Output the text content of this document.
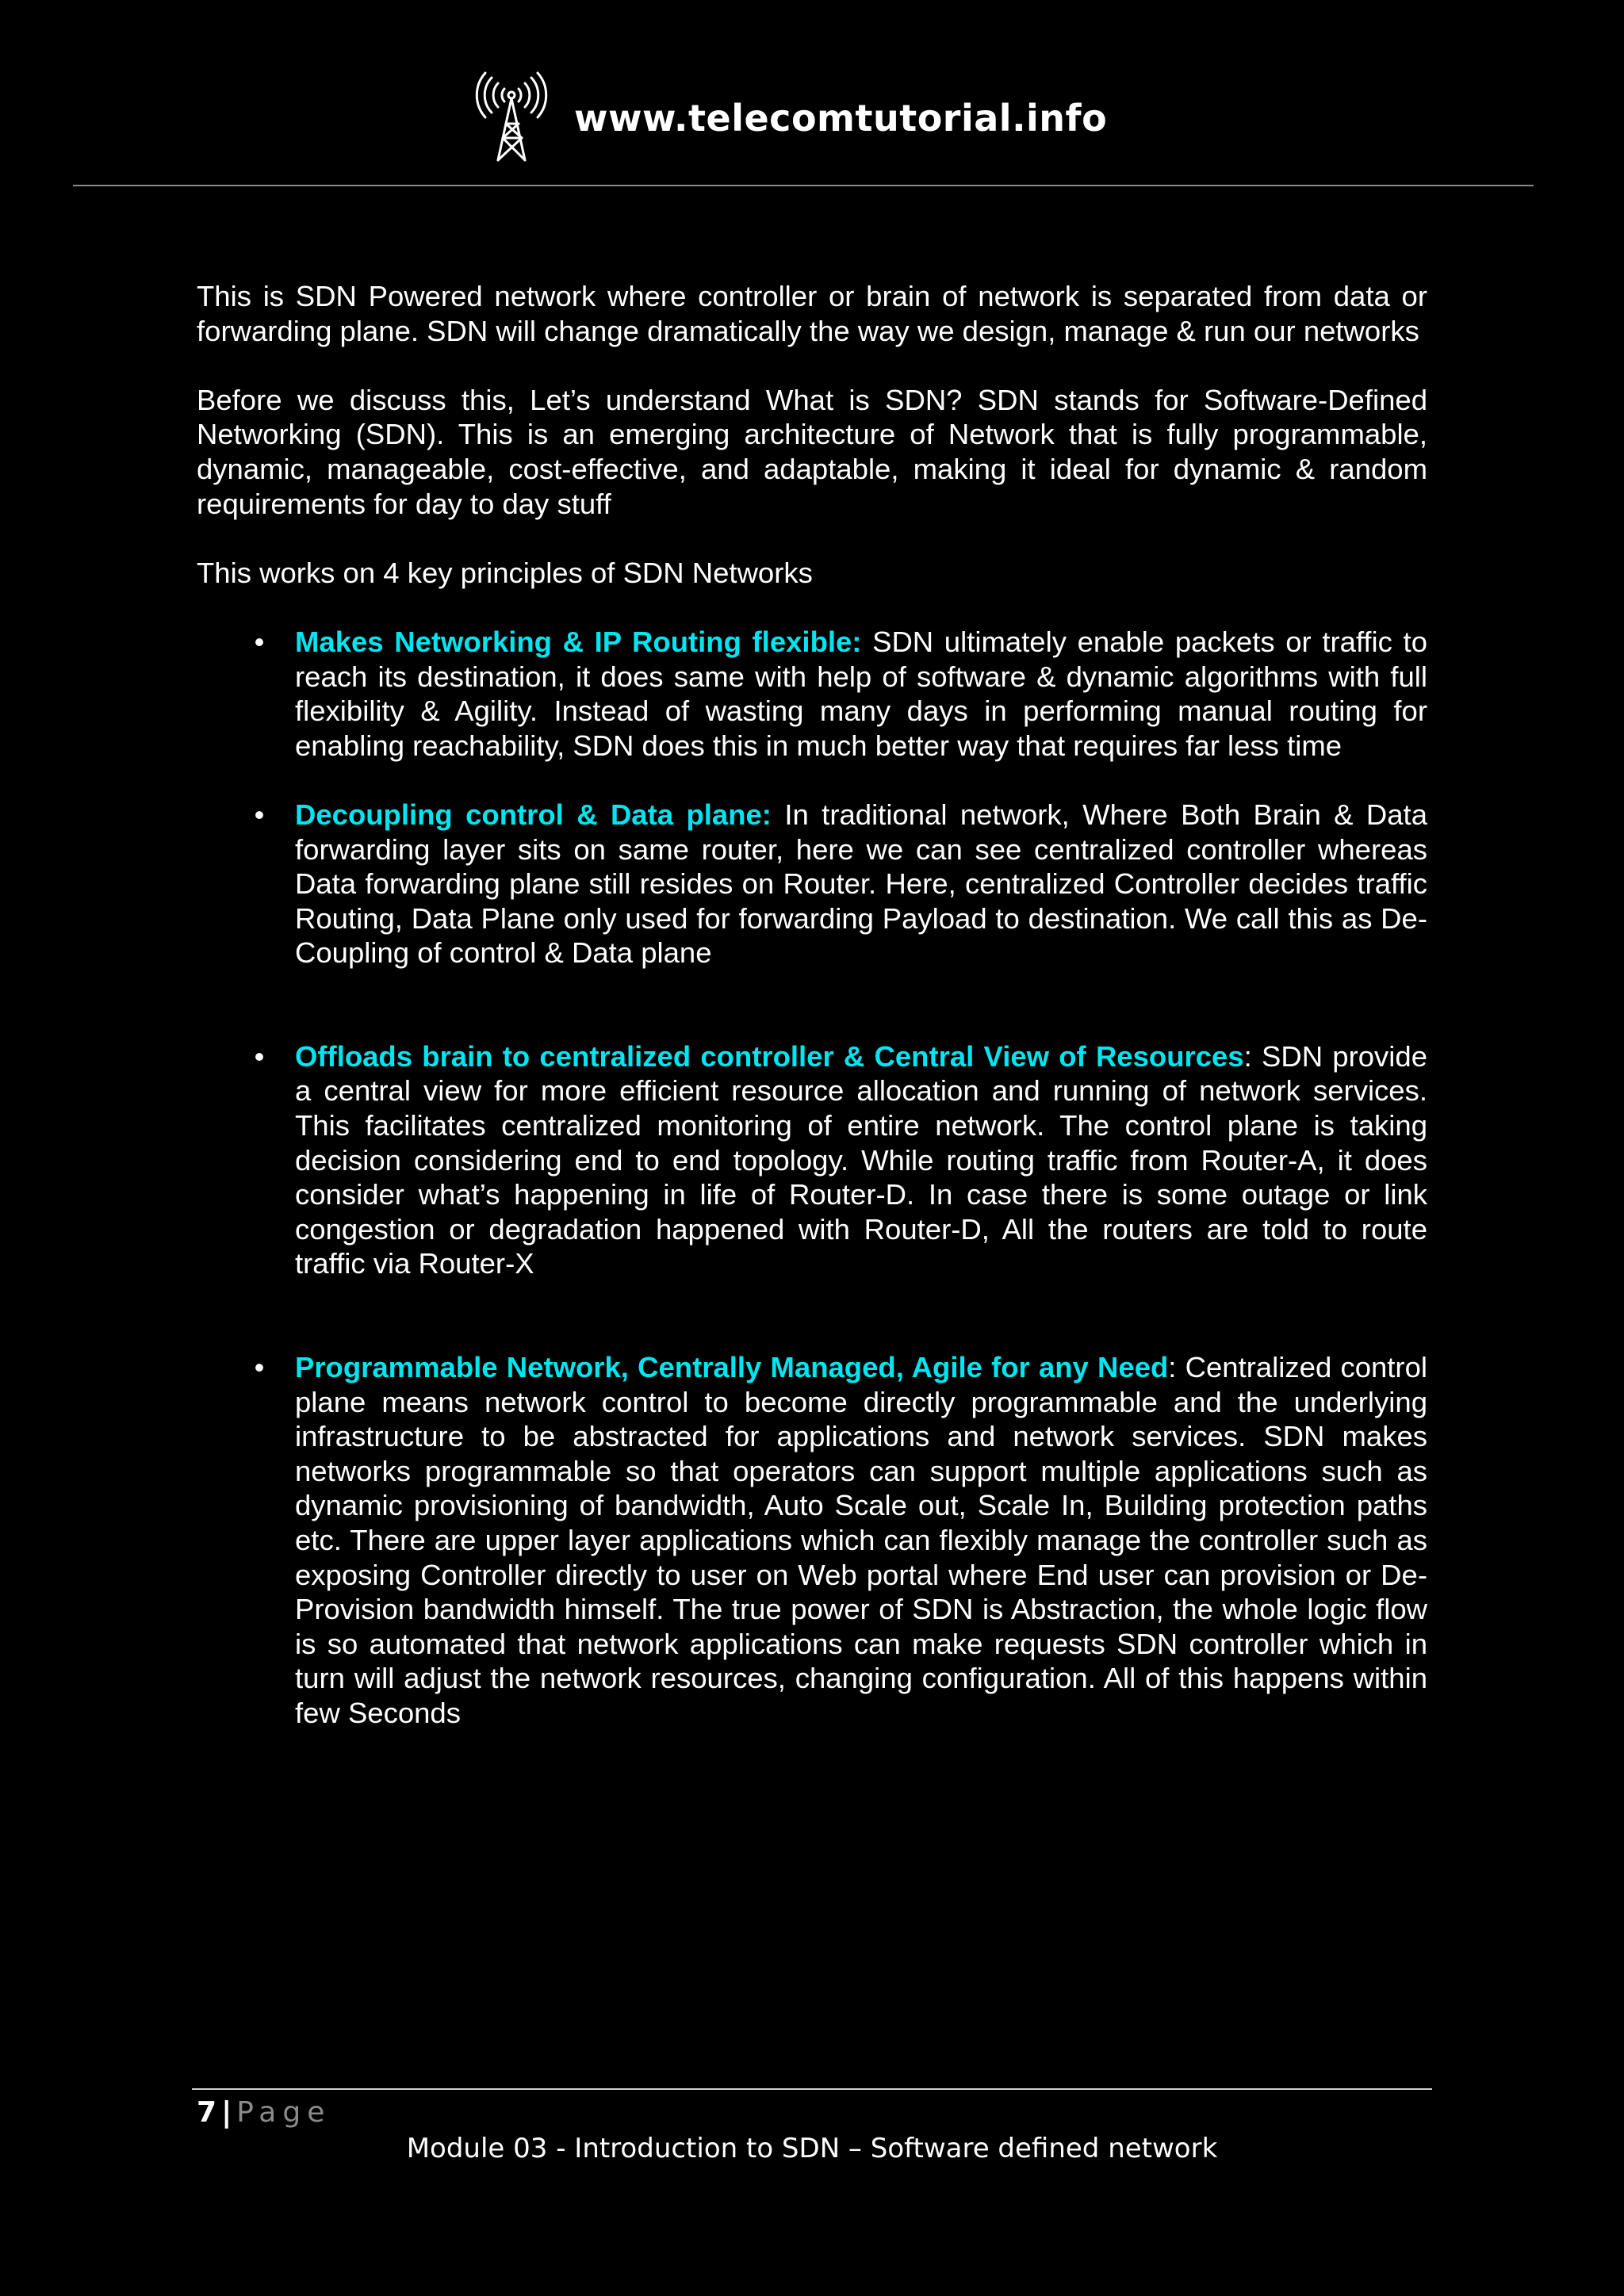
www.telecomtutorial.info

This is SDN Powered network where controller or brain of network is separated from data or forwarding plane. SDN will change dramatically the way we design, manage & run our networks

Before we discuss this, Let’s understand What is SDN? SDN stands for Software-Defined Networking (SDN). This is an emerging architecture of Network that is fully programmable, dynamic, manageable, cost-effective, and adaptable, making it ideal for dynamic & random requirements for day to day stuff

This works on 4 key principles of SDN Networks

• Makes Networking & IP Routing flexible: SDN ultimately enable packets or traffic to reach its destination, it does same with help of software & dynamic algorithms with full flexibility & Agility. Instead of wasting many days in performing manual routing for enabling reachability, SDN does this in much better way that requires far less time
• Decoupling control & Data plane: In traditional network, Where Both Brain & Data forwarding layer sits on same router, here we can see centralized controller whereas Data forwarding plane still resides on Router. Here, centralized Controller decides traffic Routing, Data Plane only used for forwarding Payload to destination. We call this as De-Coupling of control & Data plane
• Offloads brain to centralized controller & Central View of Resources: SDN provide a central view for more efficient resource allocation and running of network services. This facilitates centralized monitoring of entire network. The control plane is taking decision considering end to end topology. While routing traffic from Router-A, it does consider what’s happening in life of Router-D. In case there is some outage or link congestion or degradation happened with Router-D, All the routers are told to route traffic via Router-X
• Programmable Network, Centrally Managed, Agile for any Need: Centralized control plane means network control to become directly programmable and the underlying infrastructure to be abstracted for applications and network services. SDN makes networks programmable so that operators can support multiple applications such as dynamic provisioning of bandwidth, Auto Scale out, Scale In, Building protection paths etc. There are upper layer applications which can flexibly manage the controller such as exposing Controller directly to user on Web portal where End user can provision or De-Provision bandwidth himself. The true power of SDN is Abstraction, the whole logic flow is so automated that network applications can make requests SDN controller which in turn will adjust the network resources, changing configuration. All of this happens within few Seconds
7 | Page
Module 03 - Introduction to SDN – Software defined network
